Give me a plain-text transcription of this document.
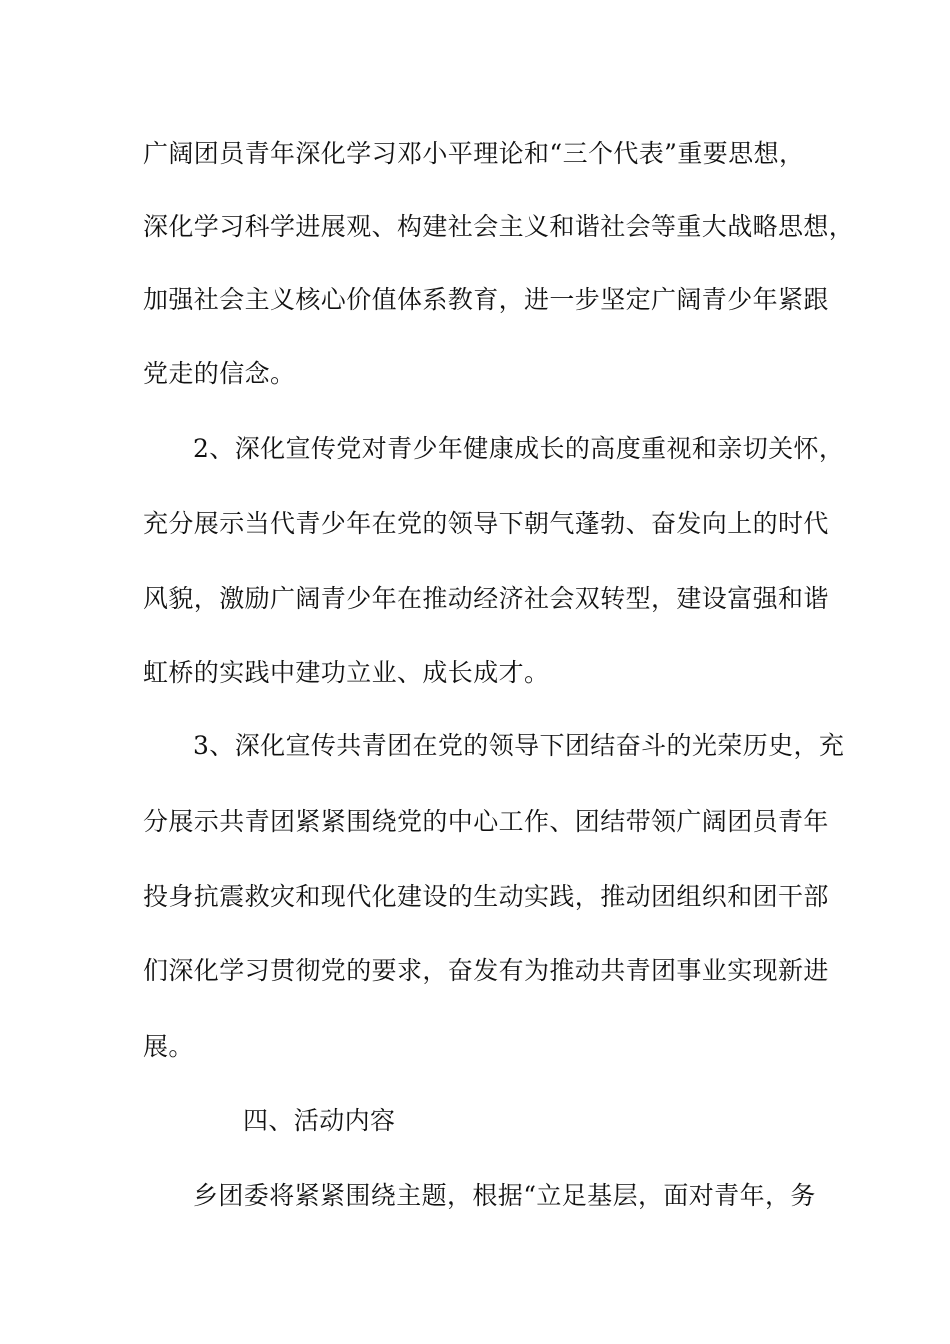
广阔团员青年深化学习邓小平理论和“三个代表”重要思想，
深化学习科学进展观、构建社会主义和谐社会等重大战略思想，
加强社会主义核心价值体系教育，进一步坚定广阔青少年紧跟
党走的信念。
2、深化宣传党对青少年健康成长的高度重视和亲切关怀，
充分展示当代青少年在党的领导下朝气蓬勃、奋发向上的时代
风貌，激励广阔青少年在推动经济社会双转型，建设富强和谐
虹桥的实践中建功立业、成长成才。
3、深化宣传共青团在党的领导下团结奋斗的光荣历史，充
分展示共青团紧紧围绕党的中心工作、团结带领广阔团员青年
投身抗震救灾和现代化建设的生动实践，推动团组织和团干部
们深化学习贯彻党的要求，奋发有为推动共青团事业实现新进
展。
四、活动内容
乡团委将紧紧围绕主题，根据“立足基层，面对青年，务
